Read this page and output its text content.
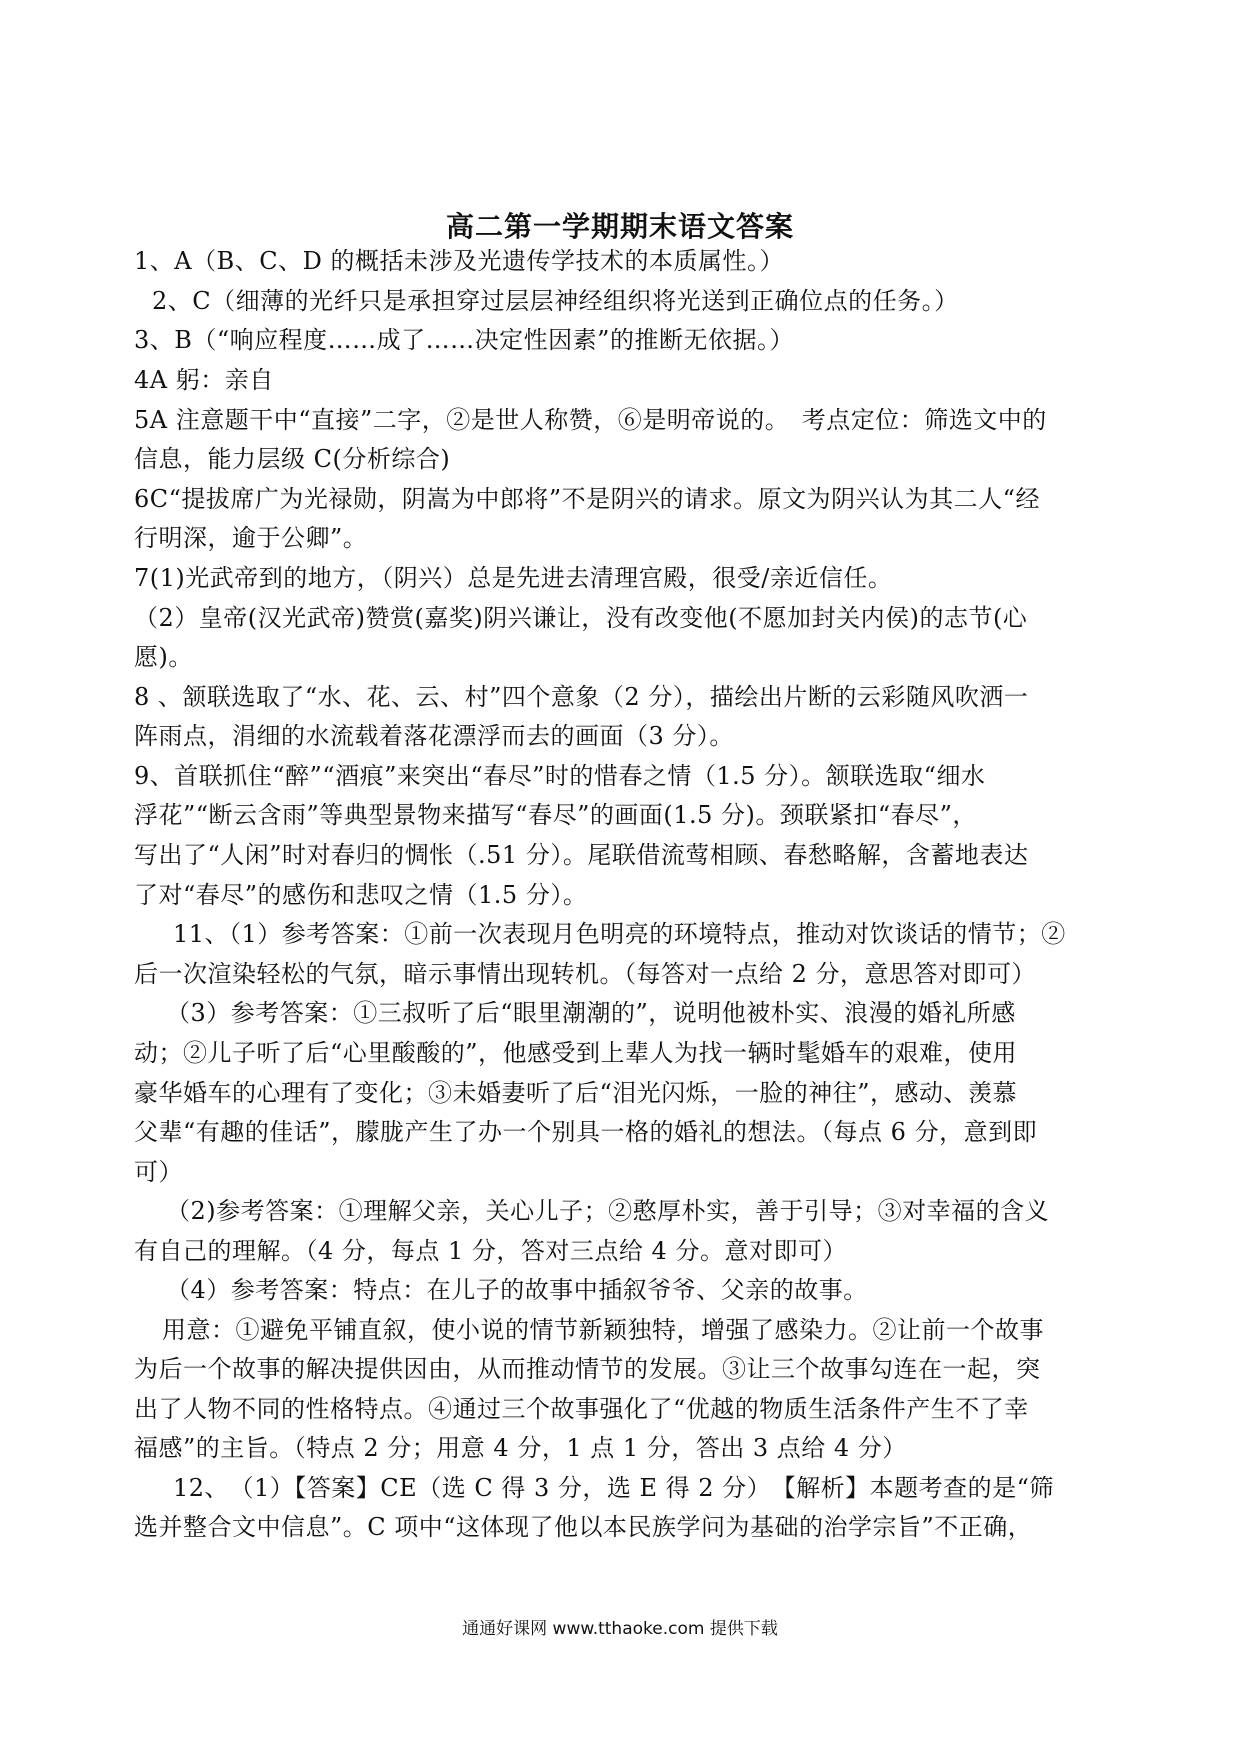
高二第一学期期末语文答案
1、A（B、C、D 的概括未涉及光遗传学技术的本质属性。）
2、C（细薄的光纤只是承担穿过层层神经组织将光送到正确位点的任务。）
3、B（“响应程度……成了……决定性因素”的推断无依据。）
4A 躬：亲自
5A 注意题干中“直接”二字，②是世人称赞，⑥是明帝说的。　考点定位：筛选文中的
信息，能力层级 C(分析综合)
6C“提拔席广为光禄勋，阴嵩为中郎将”不是阴兴的请求。原文为阴兴认为其二人“经
行明深，逾于公卿”。
7(1)光武帝到的地方，（阴兴）总是先进去清理宫殿，很受/亲近信任。
（2）皇帝(汉光武帝)赞赏(嘉奖)阴兴谦让，没有改变他(不愿加封关内侯)的志节(心
愿)。
8 、颔联选取了“水、花、云、村”四个意象（2 分），描绘出片断的云彩随风吹洒一
阵雨点，涓细的水流载着落花漂浮而去的画面（3 分）。
9、首联抓住“醉”“酒痕”来突出“春尽”时的惜春之情（1.5 分）。颔联选取“细水
浮花”“断云含雨”等典型景物来描写“春尽”的画面(1.5 分)。颈联紧扣“春尽”，
写出了“人闲”时对春归的惆怅（.51 分）。尾联借流莺相顾、春愁略解，含蓄地表达
了对“春尽”的感伤和悲叹之情（1.5 分）。
11、（1）参考答案：①前一次表现月色明亮的环境特点，推动对饮谈话的情节；②
后一次渲染轻松的气氛，暗示事情出现转机。（每答对一点给 2 分，意思答对即可）
（3）参考答案：①三叔听了后“眼里潮潮的”，说明他被朴实、浪漫的婚礼所感
动；②儿子听了后“心里酸酸的”，他感受到上辈人为找一辆时髦婚车的艰难，使用
豪华婚车的心理有了变化；③未婚妻听了后“泪光闪烁，一脸的神往”，感动、羡慕
父辈“有趣的佳话”，朦胧产生了办一个别具一格的婚礼的想法。（每点 6 分，意到即
可）
（2)参考答案：①理解父亲，关心儿子；②憨厚朴实，善于引导；③对幸福的含义
有自己的理解。（4 分，每点 1 分，答对三点给 4 分。意对即可）
（4）参考答案：特点：在儿子的故事中插叙爷爷、父亲的故事。
用意：①避免平铺直叙，使小说的情节新颖独特，增强了感染力。②让前一个故事
为后一个故事的解决提供因由，从而推动情节的发展。③让三个故事勾连在一起，突
出了人物不同的性格特点。④通过三个故事强化了“优越的物质生活条件产生不了幸
福感”的主旨。（特点 2 分；用意 4 分，1 点 1 分，答出 3 点给 4 分）
12、　（1）【答案】CE（选 C 得 3 分，选 E 得 2 分）　【解析】本题考查的是“筛
选并整合文中信息”。C 项中“这体现了他以本民族学问为基础的治学宗旨”不正确，
通通好课网 www.tthaoke.com 提供下载
